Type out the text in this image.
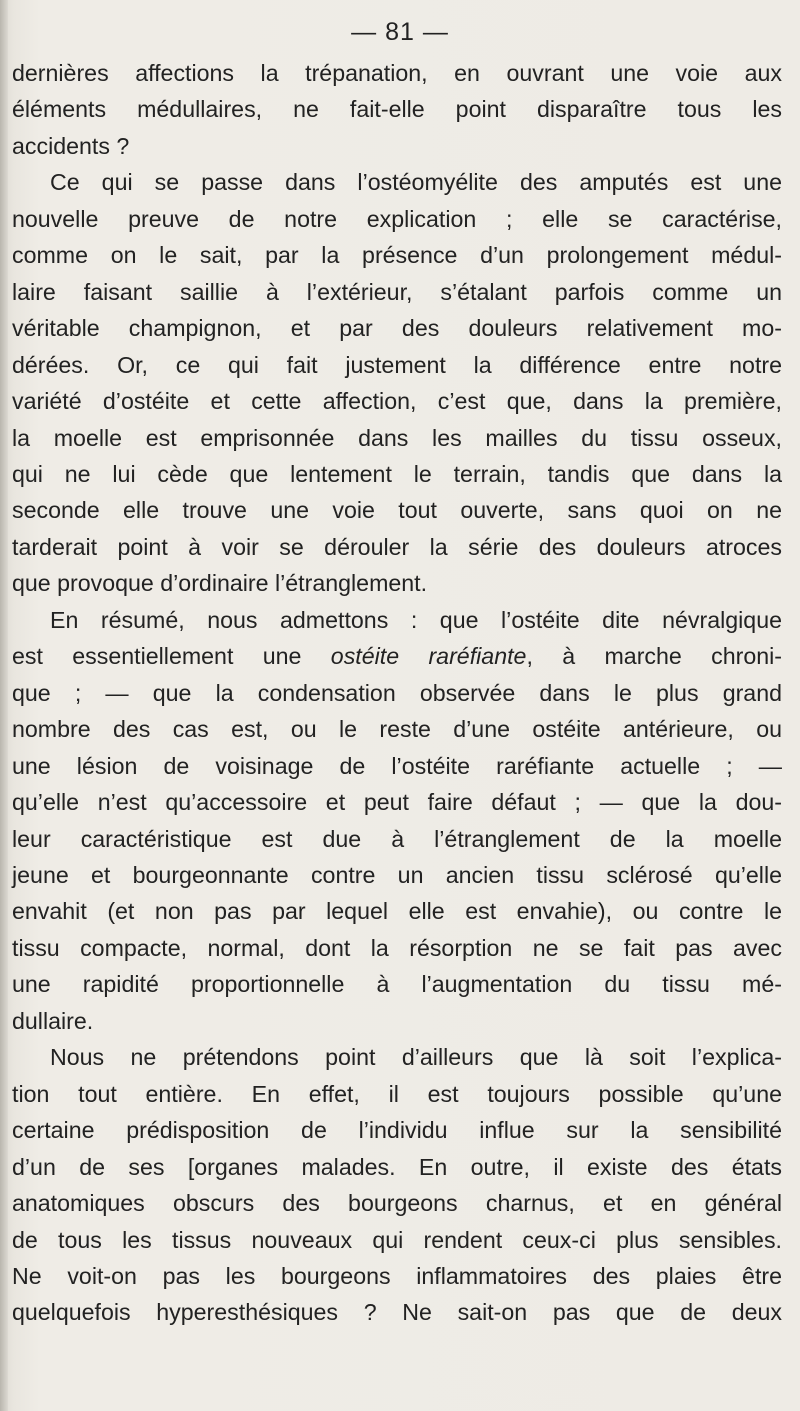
— 81 —

dernières affections la trépanation, en ouvrant une voie aux
éléments médullaires, ne fait-elle point disparaître tous les
accidents ?

Ce qui se passe dans l’ostéomyélite des amputés est une
nouvelle preuve de notre explication ; elle se caractérise,
comme on le sait, par la présence d’un prolongement médul-
laire faisant saillie à l’extérieur, s’étalant parfois comme un
véritable champignon, et par des douleurs relativement mo-
dérées. Or, ce qui fait justement la différence entre notre
variété d’ostéite et cette affection, c’est que, dans la première,
la moelle est emprisonnée dans les mailles du tissu osseux,
qui ne lui cède que lentement le terrain, tandis que dans la
seconde elle trouve une voie tout ouverte, sans quoi on ne
tarderait point à voir se dérouler la série des douleurs atroces
que provoque d’ordinaire l’étranglement.

En résumé, nous admettons : que l’ostéite dite névralgique
est essentiellement une ostéite raréfiante, à marche chroni-
que ; — que la condensation observée dans le plus grand
nombre des cas est, ou le reste d’une ostéite antérieure, ou
une lésion de voisinage de l’ostéite raréfiante actuelle ; —
qu’elle n’est qu’accessoire et peut faire défaut ; — que la dou-
leur caractéristique est due à l’étranglement de la moelle
jeune et bourgeonnante contre un ancien tissu sclérosé qu’elle
envahit (et non pas par lequel elle est envahie), ou contre le
tissu compacte, normal, dont la résorption ne se fait pas avec
une rapidité proportionnelle à l’augmentation du tissu mé-
dullaire.

Nous ne prétendons point d’ailleurs que là soit l’explica-
tion tout entière. En effet, il est toujours possible qu’une
certaine prédisposition de l’individu influe sur la sensibilité
d’un de ses [organes malades. En outre, il existe des états
anatomiques obscurs des bourgeons charnus, et en général
de tous les tissus nouveaux qui rendent ceux-ci plus sensibles.
Ne voit-on pas les bourgeons inflammatoires des plaies être
quelquefois hyperesthésiques ? Ne sait-on pas que de deux
